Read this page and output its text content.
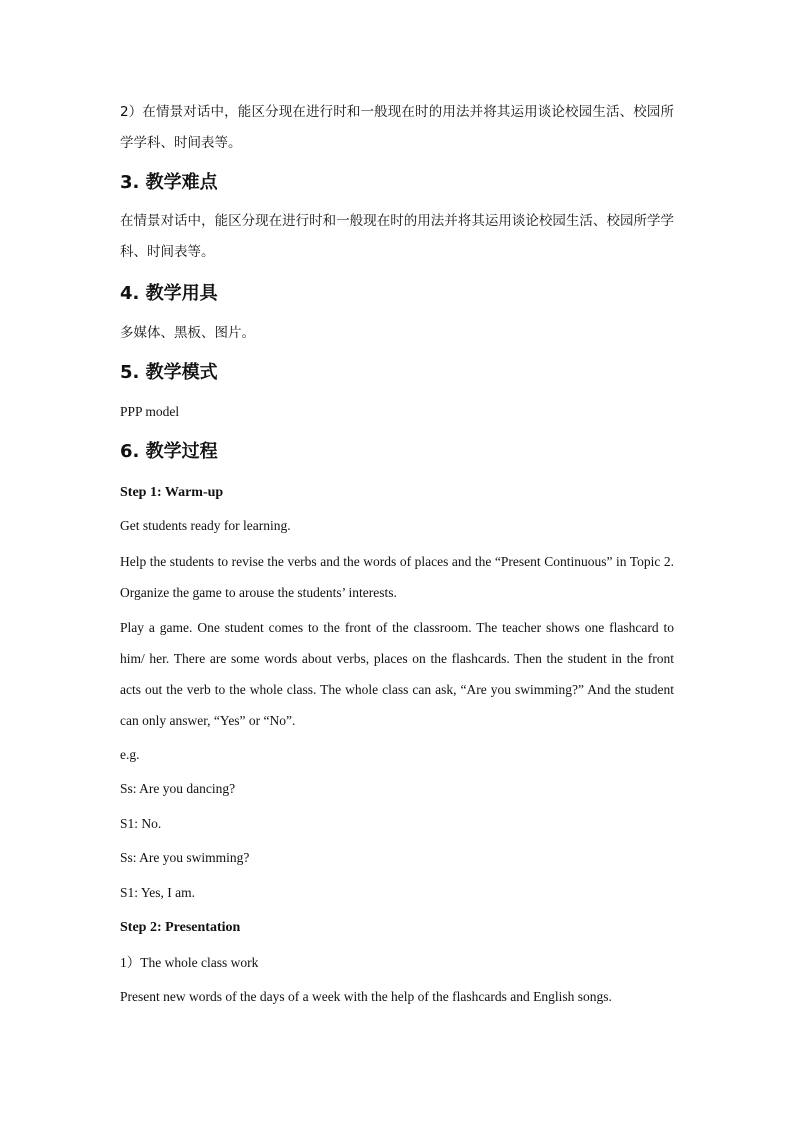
2）在情景对话中，能区分现在进行时和一般现在时的用法并将其运用谈论校园生活、校园所学学科、时间表等。

3. 教学难点

在情景对话中，能区分现在进行时和一般现在时的用法并将其运用谈论校园生活、校园所学学科、时间表等。

4. 教学用具

多媒体、黑板、图片。

5. 教学模式

PPP model

6. 教学过程
Step 1: Warm-up

Get students ready for learning.

Help the students to revise the verbs and the words of places and the “Present Continuous” in Topic 2. Organize the game to arouse the students’ interests.

Play a game. One student comes to the front of the classroom. The teacher shows one flashcard to him/ her. There are some words about verbs, places on the flashcards. Then the student in the front acts out the verb to the whole class. The whole class can ask, “Are you swimming?” And the student can only answer, “Yes” or “No”.

e.g.

Ss: Are you dancing?

S1: No.

Ss: Are you swimming?

S1: Yes, I am.

Step 2: Presentation

1）The whole class work

Present new words of the days of a week with the help of the flashcards and English songs.
